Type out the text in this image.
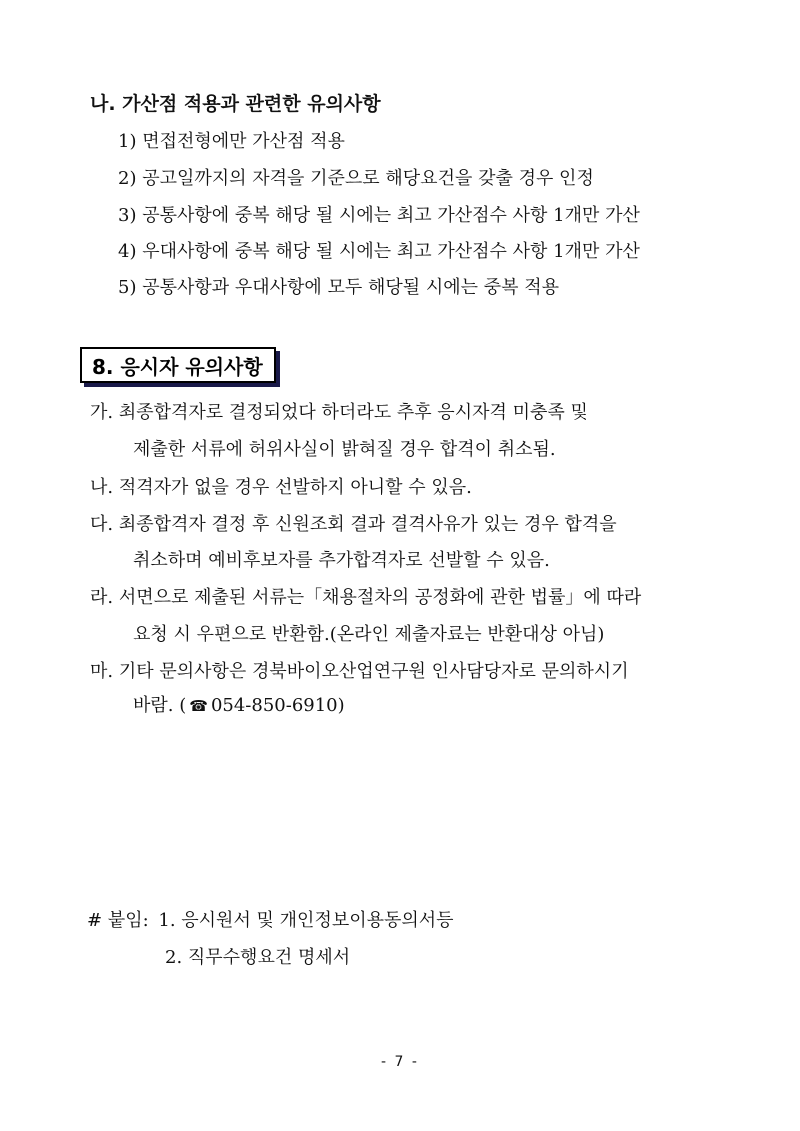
나. 가산점 적용과 관련한 유의사항
1) 면접전형에만 가산점 적용
2) 공고일까지의 자격을 기준으로 해당요건을 갖출 경우 인정
3) 공통사항에 중복 해당 될 시에는 최고 가산점수 사항 1개만 가산
4) 우대사항에 중복 해당 될 시에는 최고 가산점수 사항 1개만 가산
5) 공통사항과 우대사항에 모두 해당될 시에는 중복 적용
8. 응시자 유의사항
가. 최종합격자로 결정되었다 하더라도 추후 응시자격 미충족 및
제출한 서류에 허위사실이 밝혀질 경우 합격이 취소됨.
나. 적격자가 없을 경우 선발하지 아니할 수 있음.
다. 최종합격자 결정 후 신원조회 결과 결격사유가 있는 경우 합격을
취소하며 예비후보자를 추가합격자로 선발할 수 있음.
라. 서면으로 제출된 서류는「채용절차의 공정화에 관한 법률」에 따라
요청 시 우편으로 반환함.(온라인 제출자료는 반환대상 아님)
마. 기타 문의사항은 경북바이오산업연구원 인사담당자로 문의하시기
바람. ( ☎ 054-850-6910)
# 붙임: 1. 응시원서 및 개인정보이용동의서등
2. 직무수행요건 명세서
- 7 -
